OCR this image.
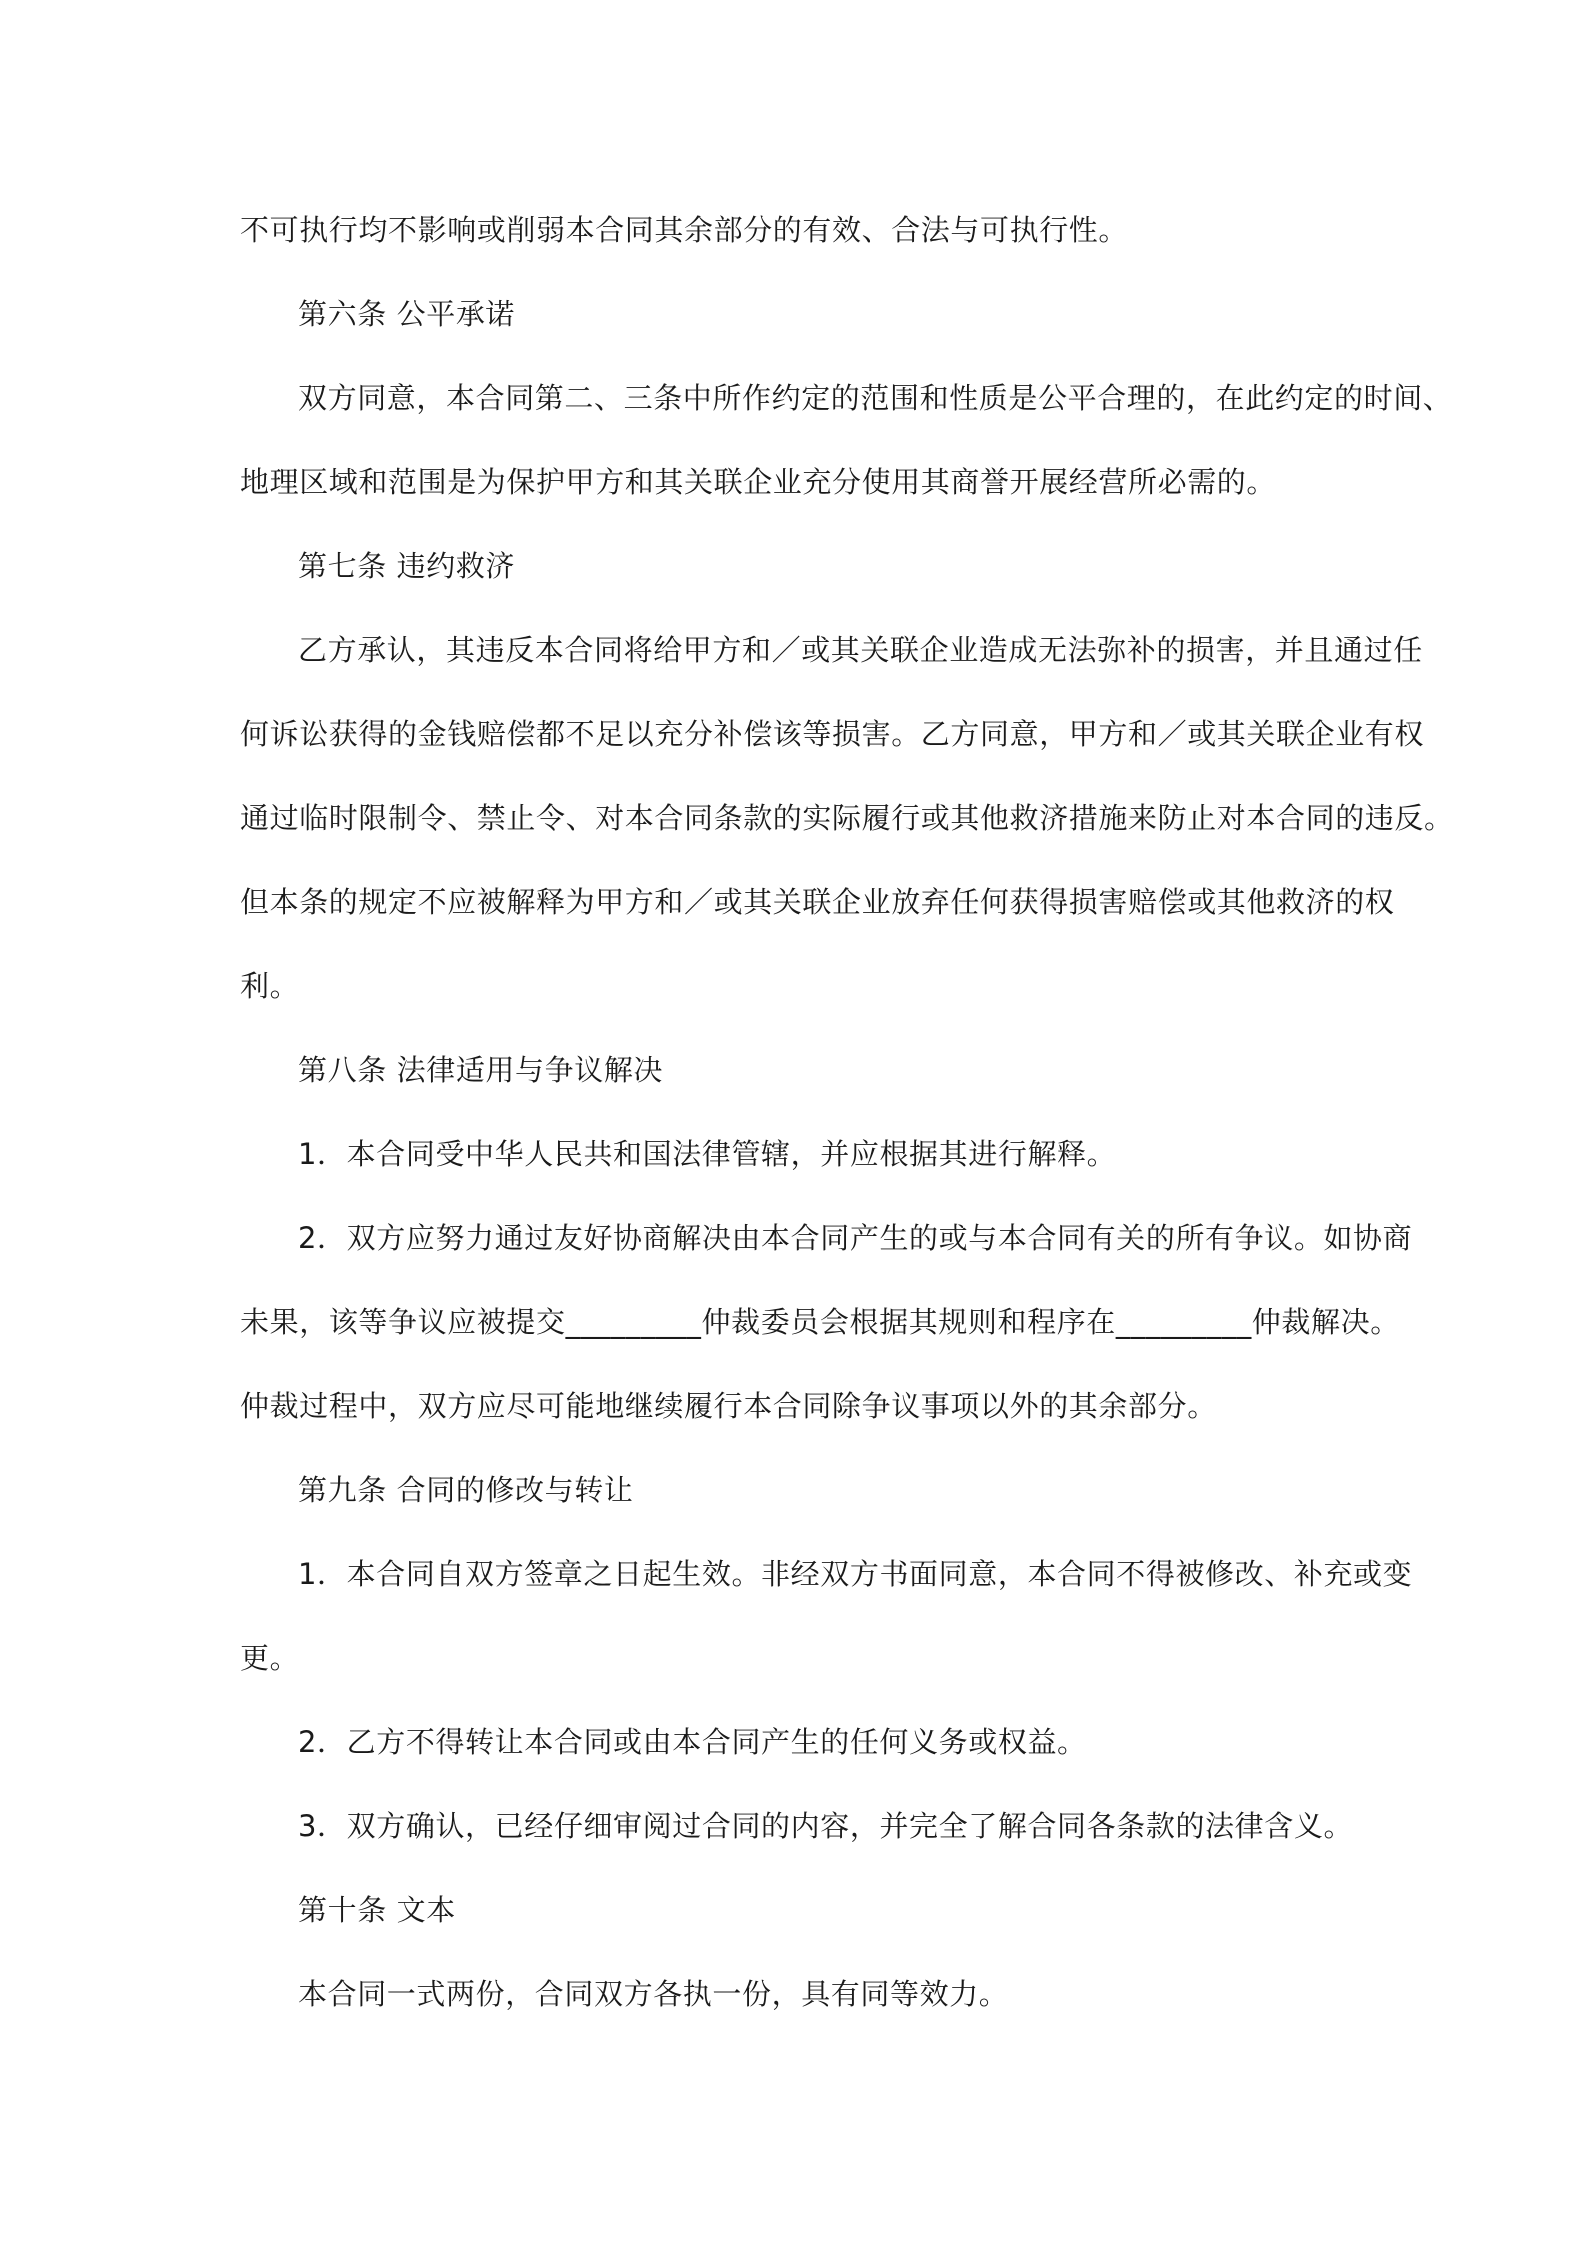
不可执行均不影响或削弱本合同其余部分的有效、合法与可执行性。

第六条 公平承诺

双方同意，本合同第二、三条中所作约定的范围和性质是公平合理的，在此约定的时间、

地理区域和范围是为保护甲方和其关联企业充分使用其商誉开展经营所必需的。

第七条 违约救济

乙方承认，其违反本合同将给甲方和／或其关联企业造成无法弥补的损害，并且通过任

何诉讼获得的金钱赔偿都不足以充分补偿该等损害。乙方同意，甲方和／或其关联企业有权

通过临时限制令、禁止令、对本合同条款的实际履行或其他救济措施来防止对本合同的违反。

但本条的规定不应被解释为甲方和／或其关联企业放弃任何获得损害赔偿或其他救济的权

利。

第八条 法律适用与争议解决

1．本合同受中华人民共和国法律管辖，并应根据其进行解释。

2．双方应努力通过友好协商解决由本合同产生的或与本合同有关的所有争议。如协商

未果，该等争议应被提交_________仲裁委员会根据其规则和程序在_________仲裁解决。

仲裁过程中，双方应尽可能地继续履行本合同除争议事项以外的其余部分。

第九条 合同的修改与转让

1．本合同自双方签章之日起生效。非经双方书面同意，本合同不得被修改、补充或变

更。

2．乙方不得转让本合同或由本合同产生的任何义务或权益。

3．双方确认，已经仔细审阅过合同的内容，并完全了解合同各条款的法律含义。

第十条 文本

本合同一式两份，合同双方各执一份，具有同等效力。
